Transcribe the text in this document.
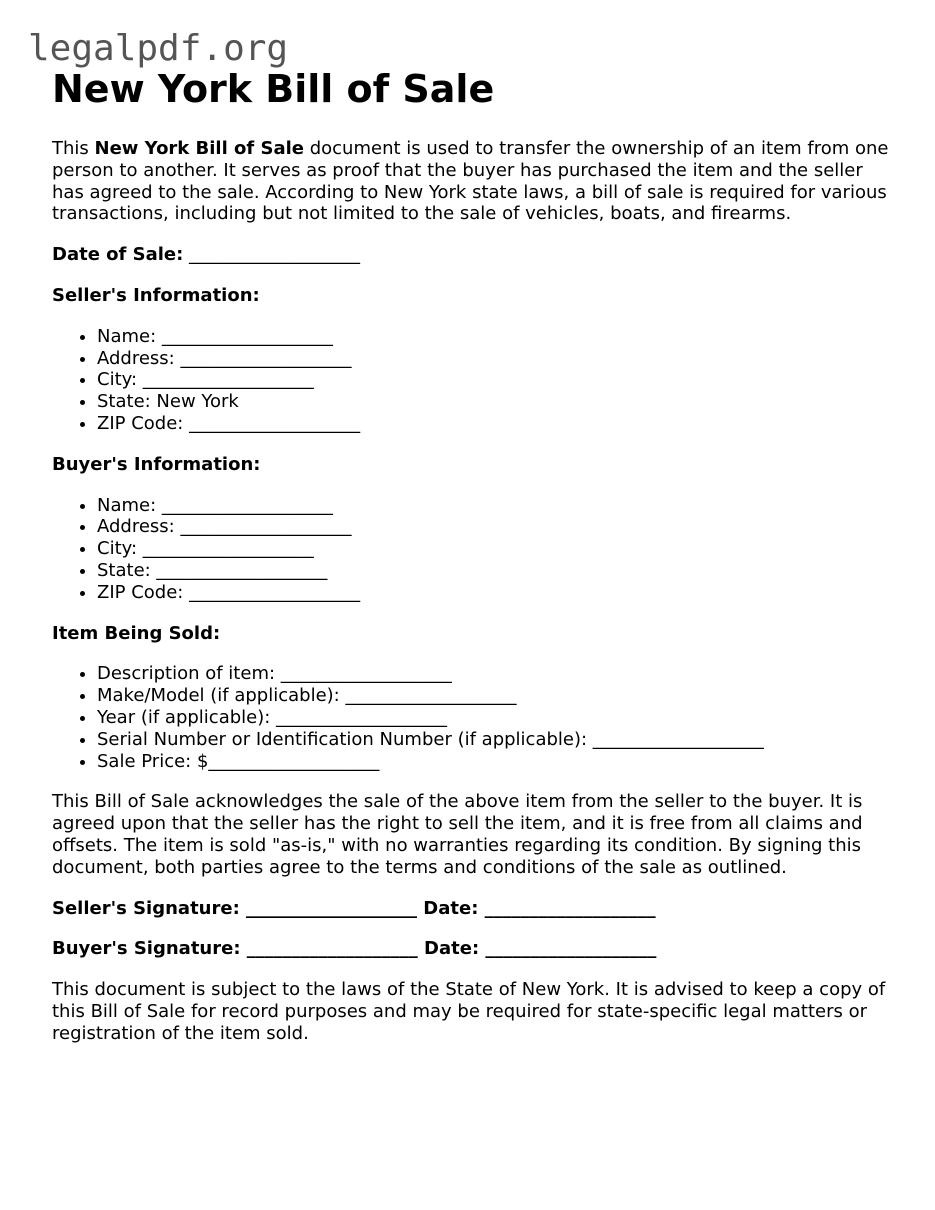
legalpdf.org
New York Bill of Sale

This New York Bill of Sale document is used to transfer the ownership of an item from one person to another. It serves as proof that the buyer has purchased the item and the seller has agreed to the sale. According to New York state laws, a bill of sale is required for various transactions, including but not limited to the sale of vehicles, boats, and firearms.

Date of Sale: ___________________

Seller's Information:

• Name: ___________________
• Address: ___________________
• City: ___________________
• State: New York
• ZIP Code: ___________________

Buyer's Information:

• Name: ___________________
• Address: ___________________
• City: ___________________
• State: ___________________
• ZIP Code: ___________________

Item Being Sold:

• Description of item: ___________________
• Make/Model (if applicable): ___________________
• Year (if applicable): ___________________
• Serial Number or Identification Number (if applicable): ___________________
• Sale Price: $___________________

This Bill of Sale acknowledges the sale of the above item from the seller to the buyer. It is agreed upon that the seller has the right to sell the item, and it is free from all claims and offsets. The item is sold "as-is," with no warranties regarding its condition. By signing this document, both parties agree to the terms and conditions of the sale as outlined.

Seller's Signature: ___________________ Date: ___________________

Buyer's Signature: ___________________ Date: ___________________

This document is subject to the laws of the State of New York. It is advised to keep a copy of this Bill of Sale for record purposes and may be required for state-specific legal matters or registration of the item sold.
